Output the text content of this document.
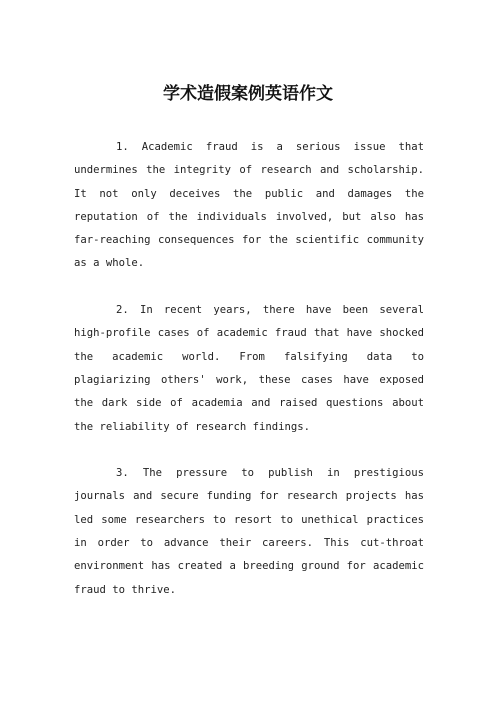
学术造假案例英语作文

1. Academic fraud is a serious issue that undermines the integrity of research and scholarship. It not only deceives the public and damages the reputation of the individuals involved, but also has far-reaching consequences for the scientific community as a whole.

2. In recent years, there have been several high-profile cases of academic fraud that have shocked the academic world. From falsifying data to plagiarizing others' work, these cases have exposed the dark side of academia and raised questions about the reliability of research findings.

3. The pressure to publish in prestigious journals and secure funding for research projects has led some researchers to resort to unethical practices in order to advance their careers. This cut-throat environment has created a breeding ground for academic fraud to thrive.
